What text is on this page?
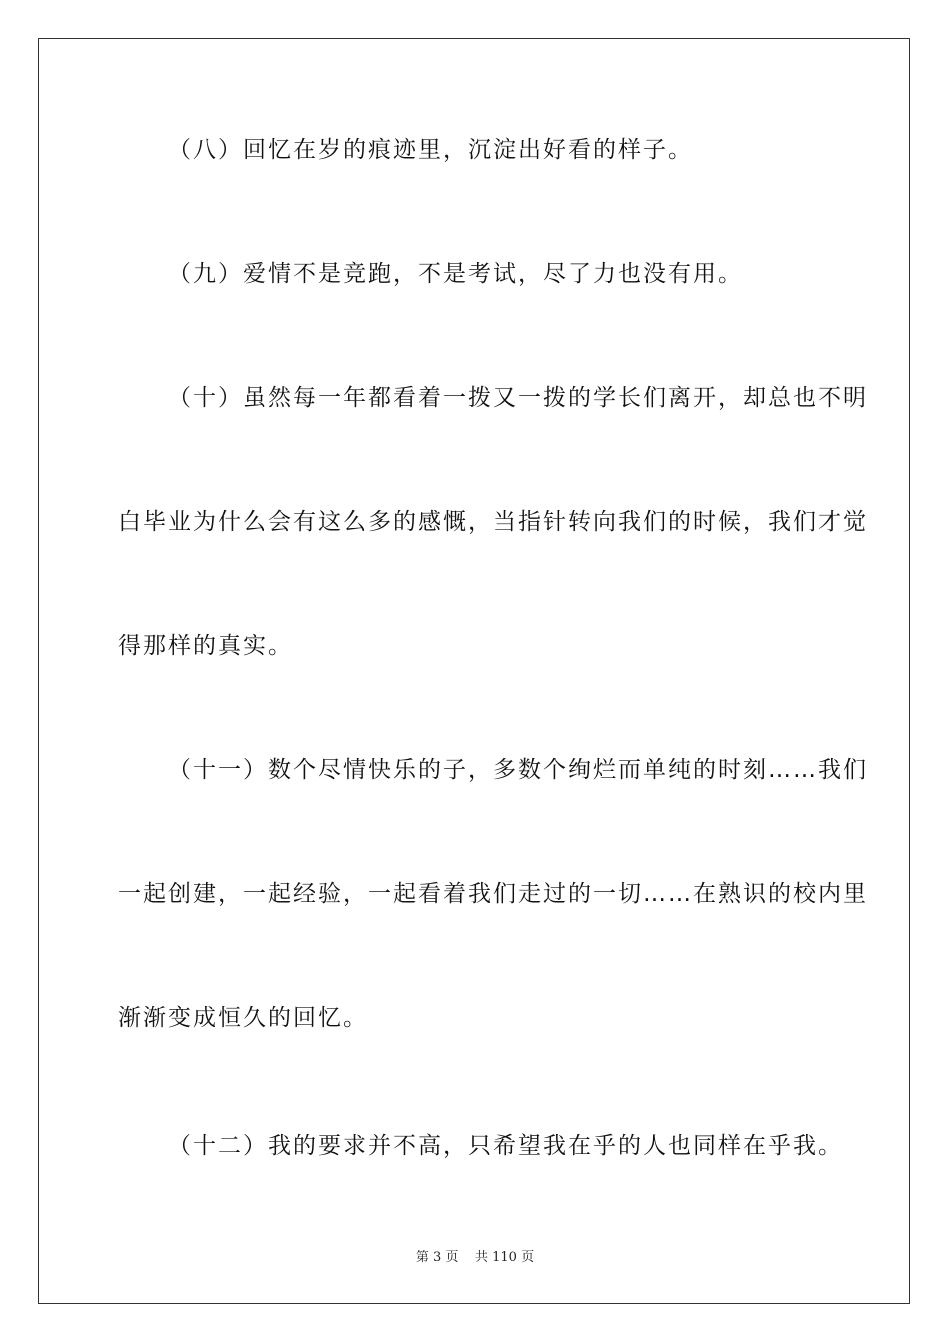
（八）回忆在岁的痕迹里，沉淀出好看的样子。
（九）爱情不是竞跑，不是考试，尽了力也没有用。
（十）虽然每一年都看着一拨又一拨的学长们离开，却总也不明
白毕业为什么会有这么多的感慨，当指针转向我们的时候，我们才觉
得那样的真实。
（十一）数个尽情快乐的子，多数个绚烂而单纯的时刻……我们
一起创建，一起经验，一起看着我们走过的一切……在熟识的校内里
渐渐变成恒久的回忆。
（十二）我的要求并不高，只希望我在乎的人也同样在乎我。
第 3 页    共 110 页
